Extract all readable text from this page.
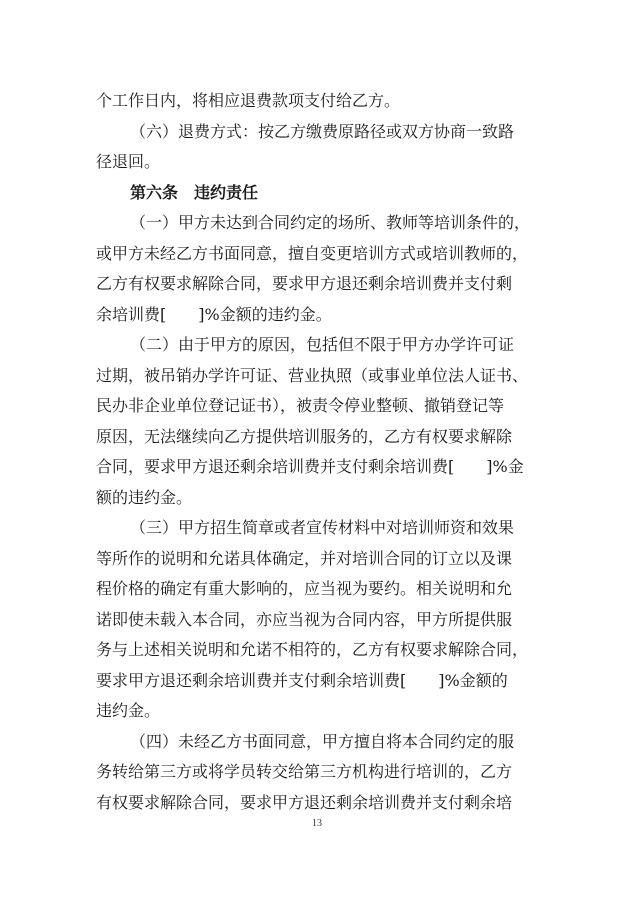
个工作日内，将相应退费款项支付给乙方。
（六）退费方式：按乙方缴费原路径或双方协商一致路
径退回。
第六条　违约责任
（一）甲方未达到合同约定的场所、教师等培训条件的，
或甲方未经乙方书面同意，擅自变更培训方式或培训教师的，
乙方有权要求解除合同，要求甲方退还剩余培训费并支付剩
余培训费[　　]%金额的违约金。
（二）由于甲方的原因，包括但不限于甲方办学许可证
过期，被吊销办学许可证、营业执照（或事业单位法人证书、
民办非企业单位登记证书），被责令停业整顿、撤销登记等
原因，无法继续向乙方提供培训服务的，乙方有权要求解除
合同，要求甲方退还剩余培训费并支付剩余培训费[　　]%金
额的违约金。
（三）甲方招生简章或者宣传材料中对培训师资和效果
等所作的说明和允诺具体确定，并对培训合同的订立以及课
程价格的确定有重大影响的，应当视为要约。相关说明和允
诺即使未载入本合同，亦应当视为合同内容，甲方所提供服
务与上述相关说明和允诺不相符的，乙方有权要求解除合同，
要求甲方退还剩余培训费并支付剩余培训费[　　]%金额的
违约金。
（四）未经乙方书面同意，甲方擅自将本合同约定的服
务转给第三方或将学员转交给第三方机构进行培训的，乙方
有权要求解除合同，要求甲方退还剩余培训费并支付剩余培
13
